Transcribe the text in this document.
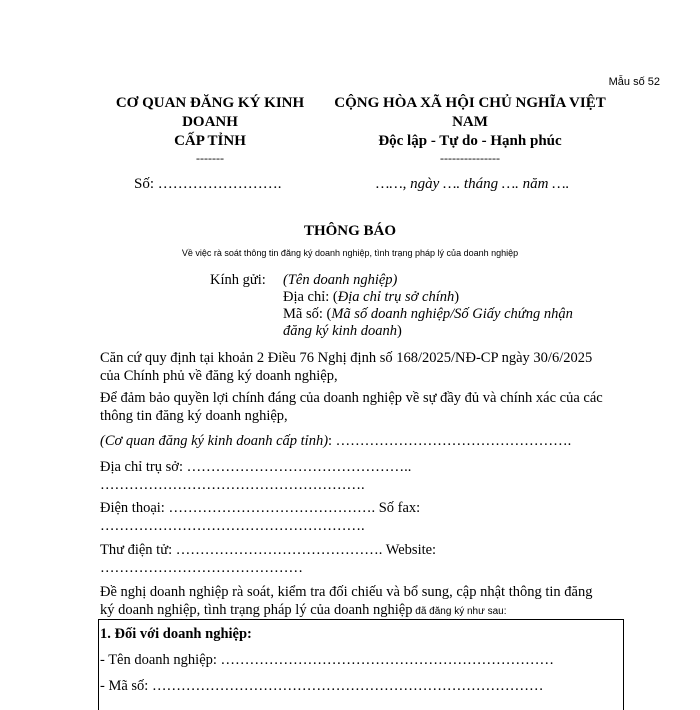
Mẫu số 52
CƠ QUAN ĐĂNG KÝ KINH
DOANH
CẤP TỈNH
-------
CỘNG HÒA XÃ HỘI CHỦ NGHĨA VIỆT
NAM
Độc lập - Tự do - Hạnh phúc
---------------
Số: …………………….	……, ngày …. tháng …. năm ….
THÔNG BÁO
Về việc rà soát thông tin đăng ký doanh nghiệp, tình trạng pháp lý của doanh nghiệp
Kính gửi: (Tên doanh nghiệp)
Địa chỉ: (Địa chỉ trụ sở chính)
Mã số: (Mã số doanh nghiệp/Số Giấy chứng nhận
đăng ký kinh doanh)
Căn cứ quy định tại khoản 2 Điều 76 Nghị định số 168/2025/NĐ-CP ngày 30/6/2025
của Chính phủ về đăng ký doanh nghiệp,
Để đảm bảo quyền lợi chính đáng của doanh nghiệp về sự đầy đủ và chính xác của các
thông tin đăng ký doanh nghiệp,
(Cơ quan đăng ký kinh doanh cấp tỉnh): ………………………………………….
Địa chỉ trụ sở: ………………………………………..
……………………………………………….
Điện thoại: ……………………………………. Số fax:
……………………………………………….
Thư điện tử: ……………………………………. Website:
……………………………………
Đề nghị doanh nghiệp rà soát, kiểm tra đối chiếu và bổ sung, cập nhật thông tin đăng
ký doanh nghiệp, tình trạng pháp lý của doanh nghiệp đã đăng ký như sau:
1. Đối với doanh nghiệp:
- Tên doanh nghiệp: ……………………………………………………………
- Mã số: ………………………………………………………………………
